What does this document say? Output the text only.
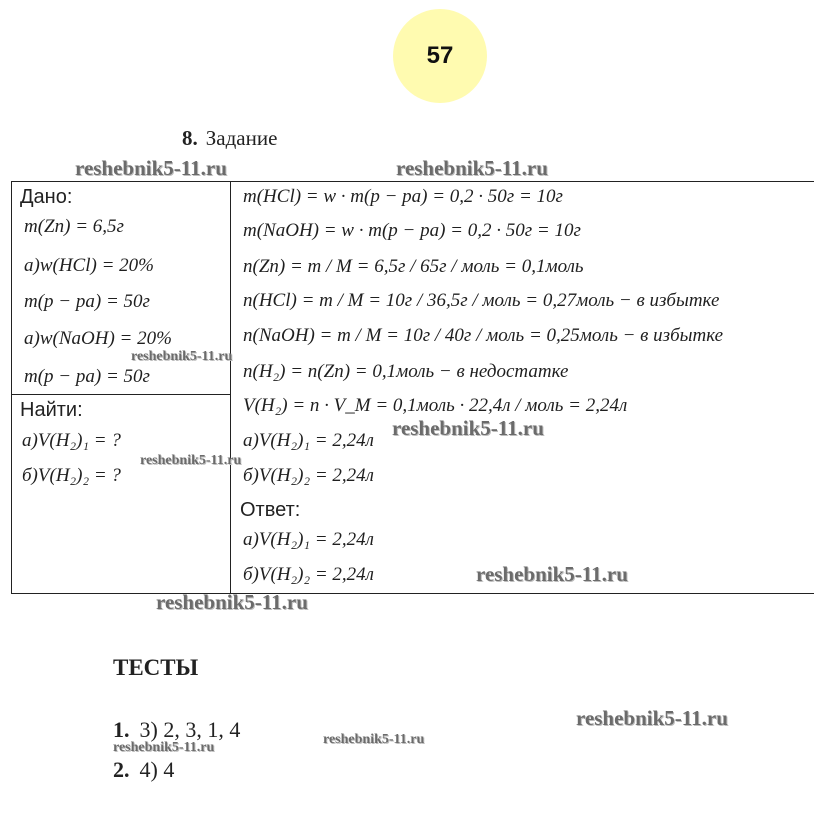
57
8. Задание
Дано:
m(Zn) = 6,5г
а)w(HCl) = 20%
m(p − pa) = 50г
а)w(NaOH) = 20%
m(p − pa) = 50г
Найти:
а)V(H₂)₁ = ?
б)V(H₂)₂ = ?
m(HCl) = w · m(p − pa) = 0,2 · 50г = 10г
m(NaOH) = w · m(p − pa) = 0,2 · 50г = 10г
n(Zn) = m / M = 6,5г / 65г / моль = 0,1моль
n(HCl) = m / M = 10г / 36,5г / моль = 0,27моль − в избытке
n(NaOH) = m / M = 10г / 40г / моль = 0,25моль − в избытке
n(H₂) = n(Zn) = 0,1моль − в недостатке
V(H₂) = n · V_M = 0,1моль · 22,4л / моль = 2,24л
а)V(H₂)₁ = 2,24л
б)V(H₂)₂ = 2,24л
Ответ:
а)V(H₂)₁ = 2,24л
б)V(H₂)₂ = 2,24л
ТЕСТЫ
1. 3) 2, 3, 1, 4
2. 4) 4
reshebnik5-11.ru	reshebnik5-11.ru
reshebnik5-11.ru
reshebnik5-11.ru
reshebnik5-11.ru
reshebnik5-11.ru
reshebnik5-11.ru
reshebnik5-11.ru
reshebnik5-11.ru
reshebnik5-11.ru
